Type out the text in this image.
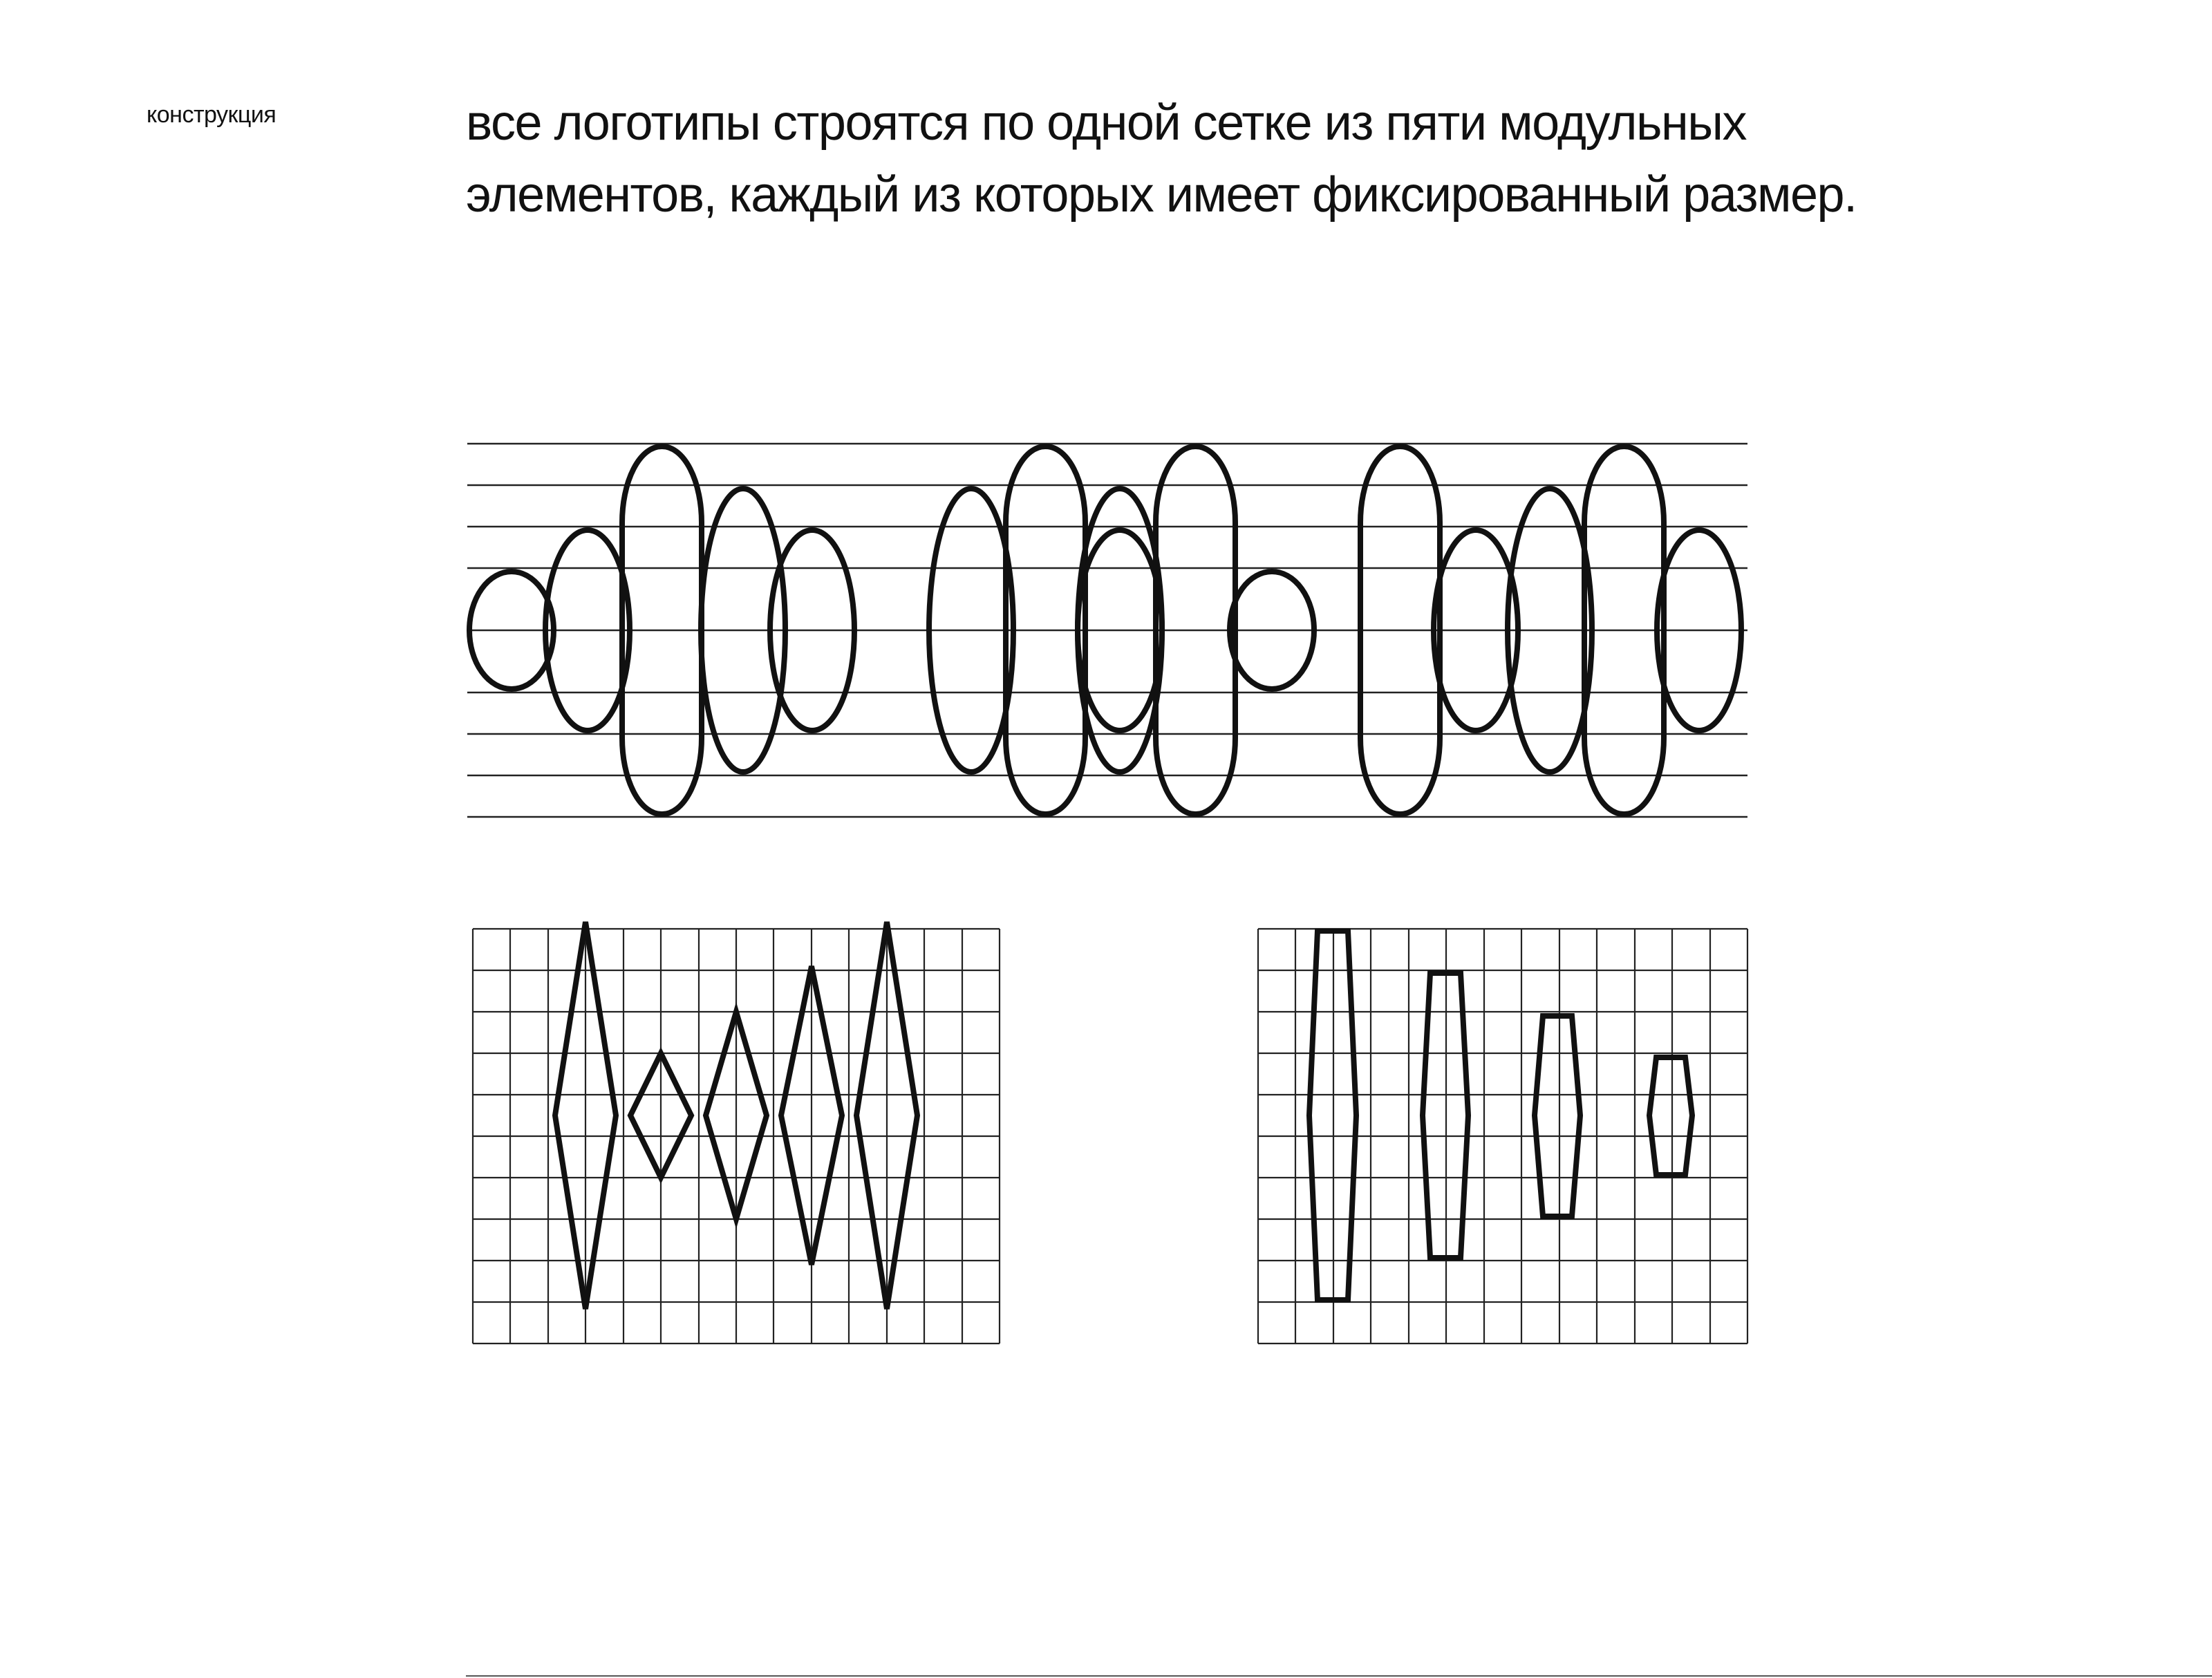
конструкция	все логотипы строятся по одной сетке из пяти модульных
элементов, каждый из которых имеет фиксированный размер.
